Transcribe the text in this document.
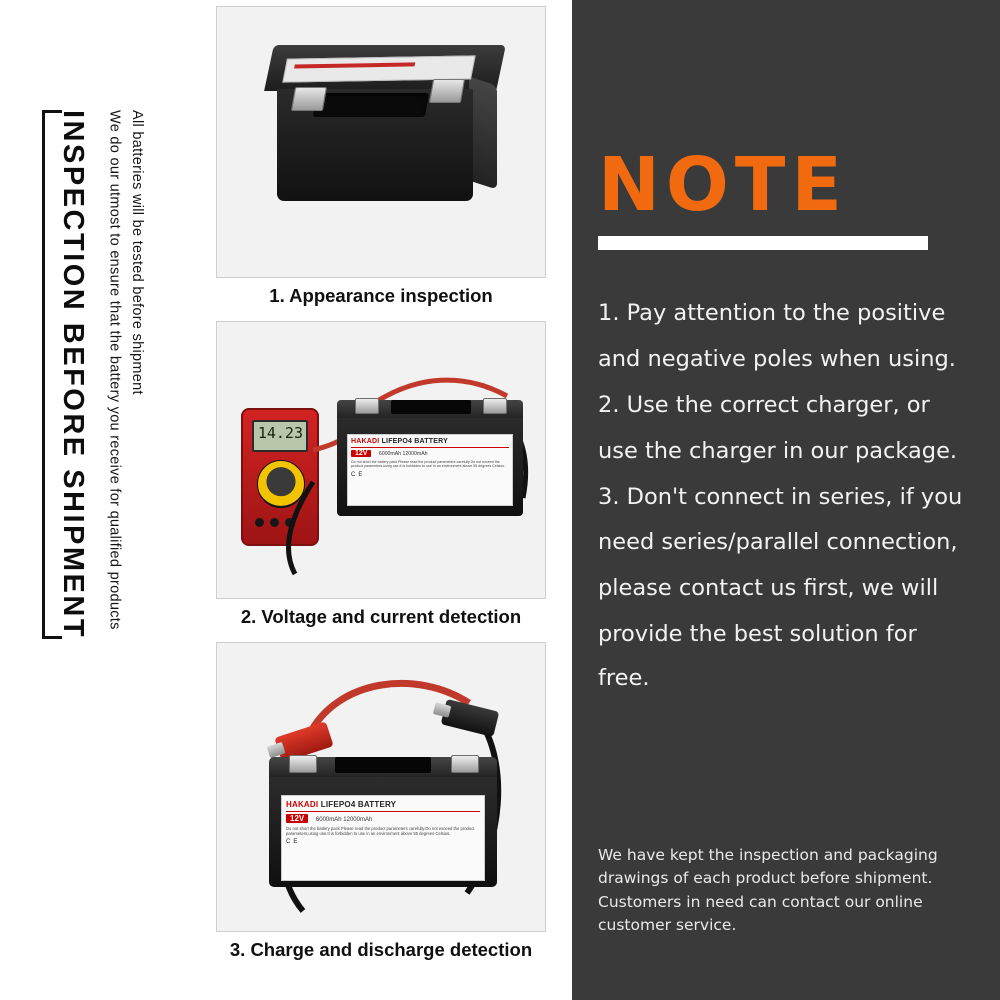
INSPECTION BEFORE SHIPMENT We do our utmost to ensure that the battery you receive for qualified products All batteries will be tested before shipment	1. Appearance inspection
14.23	HAKADI LIFEPO4 BATTERY
12V 6000mAh 12000mAh
Do not short the battery pack.Please read the product parameters carefully.Do not exceed the product parameters,using use.It is forbidden to use in an environment above 55 degrees Celsius.
CE
2. Voltage and current detection
HAKADI LIFEPO4 BATTERY
12V 6000mAh 12000mAh
Do not short the battery pack.Please read the product parameters carefully.Do not exceed the product parameters,using use.It is forbidden to use in an environment above 55 degrees Celsius.
CE
3. Charge and discharge detection
NOTE
1. Pay attention to the positive
and negative poles when using.
2. Use the correct charger, or
use the charger in our package.
3. Don't connect in series, if you
need series/parallel connection,
please contact us first, we will
provide the best solution for free.
We have kept the inspection and packaging drawings of each product before shipment. Customers in need can contact our online customer service.
